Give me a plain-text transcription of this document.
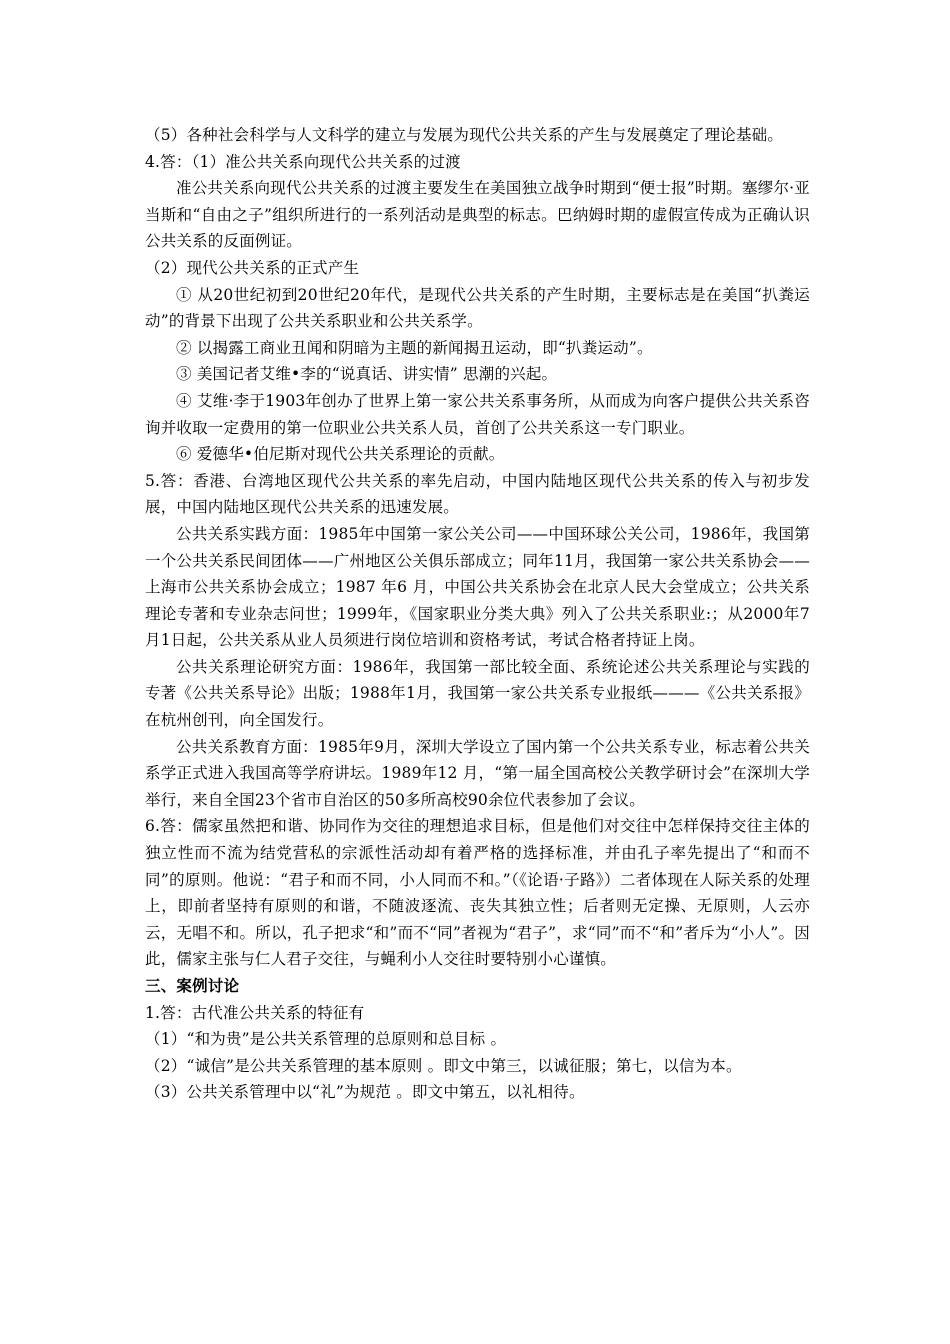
（5）各种社会科学与人文科学的建立与发展为现代公共关系的产生与发展奠定了理论基础。

4.答：（1）准公共关系向现代公共关系的过渡

准公共关系向现代公共关系的过渡主要发生在美国独立战争时期到“便士报”时期。塞缪尔·亚当斯和“自由之子”组织所进行的一系列活动是典型的标志。巴纳姆时期的虚假宣传成为正确认识公共关系的反面例证。

（2）现代公共关系的正式产生

① 从20世纪初到20世纪20年代，是现代公共关系的产生时期，主要标志是在美国“扒粪运动”的背景下出现了公共关系职业和公共关系学。

② 以揭露工商业丑闻和阴暗为主题的新闻揭丑运动，即“扒粪运动”。

③ 美国记者艾维•李的“说真话、讲实情” 思潮的兴起。

④ 艾维·李于1903年创办了世界上第一家公共关系事务所，从而成为向客户提供公共关系咨询并收取一定费用的第一位职业公共关系人员，首创了公共关系这一专门职业。

⑥ 爱德华•伯尼斯对现代公共关系理论的贡献。

5.答：香港、台湾地区现代公共关系的率先启动，中国内陆地区现代公共关系的传入与初步发展，中国内陆地区现代公共关系的迅速发展。

公共关系实践方面：1985年中国第一家公关公司——中国环球公关公司，1986年，我国第一个公共关系民间团体——广州地区公关俱乐部成立；同年11月，我国第一家公共关系协会——上海市公共关系协会成立；1987 年6 月，中国公共关系协会在北京人民大会堂成立；公共关系理论专著和专业杂志问世；1999年，《国家职业分类大典》列入了公共关系职业:；从2000年7月1日起，公共关系从业人员须进行岗位培训和资格考试，考试合格者持证上岗。

公共关系理论研究方面：1986年，我国第一部比较全面、系统论述公共关系理论与实践的专著《公共关系导论》出版；1988年1月，我国第一家公共关系专业报纸———《公共关系报》在杭州创刊，向全国发行。

公共关系教育方面：1985年9月，深圳大学设立了国内第一个公共关系专业，标志着公共关系学正式进入我国高等学府讲坛。1989年12 月，“第一届全国高校公关教学研讨会”在深圳大学举行，来自全国23个省市自治区的50多所高校90余位代表参加了会议。

6.答：儒家虽然把和谐、协同作为交往的理想追求目标，但是他们对交往中怎样保持交往主体的独立性而不流为结党营私的宗派性活动却有着严格的选择标准，并由孔子率先提出了“和而不同”的原则。他说：“君子和而不同，小人同而不和。”（《论语·子路》）二者体现在人际关系的处理上，即前者坚持有原则的和谐，不随波逐流、丧失其独立性；后者则无定操、无原则，人云亦云，无唱不和。所以，孔子把求“和”而不“同”者视为“君子”，求“同”而不“和”者斥为“小人”。因此，儒家主张与仁人君子交往，与蝇利小人交往时要特别小心谨慎。

三、案例讨论

1.答：古代准公共关系的特征有

（1）“和为贵”是公共关系管理的总原则和总目标 。

（2）“诚信”是公共关系管理的基本原则 。即文中第三，以诚征服；第七，以信为本。

（3）公共关系管理中以“礼”为规范 。即文中第五，以礼相待。
